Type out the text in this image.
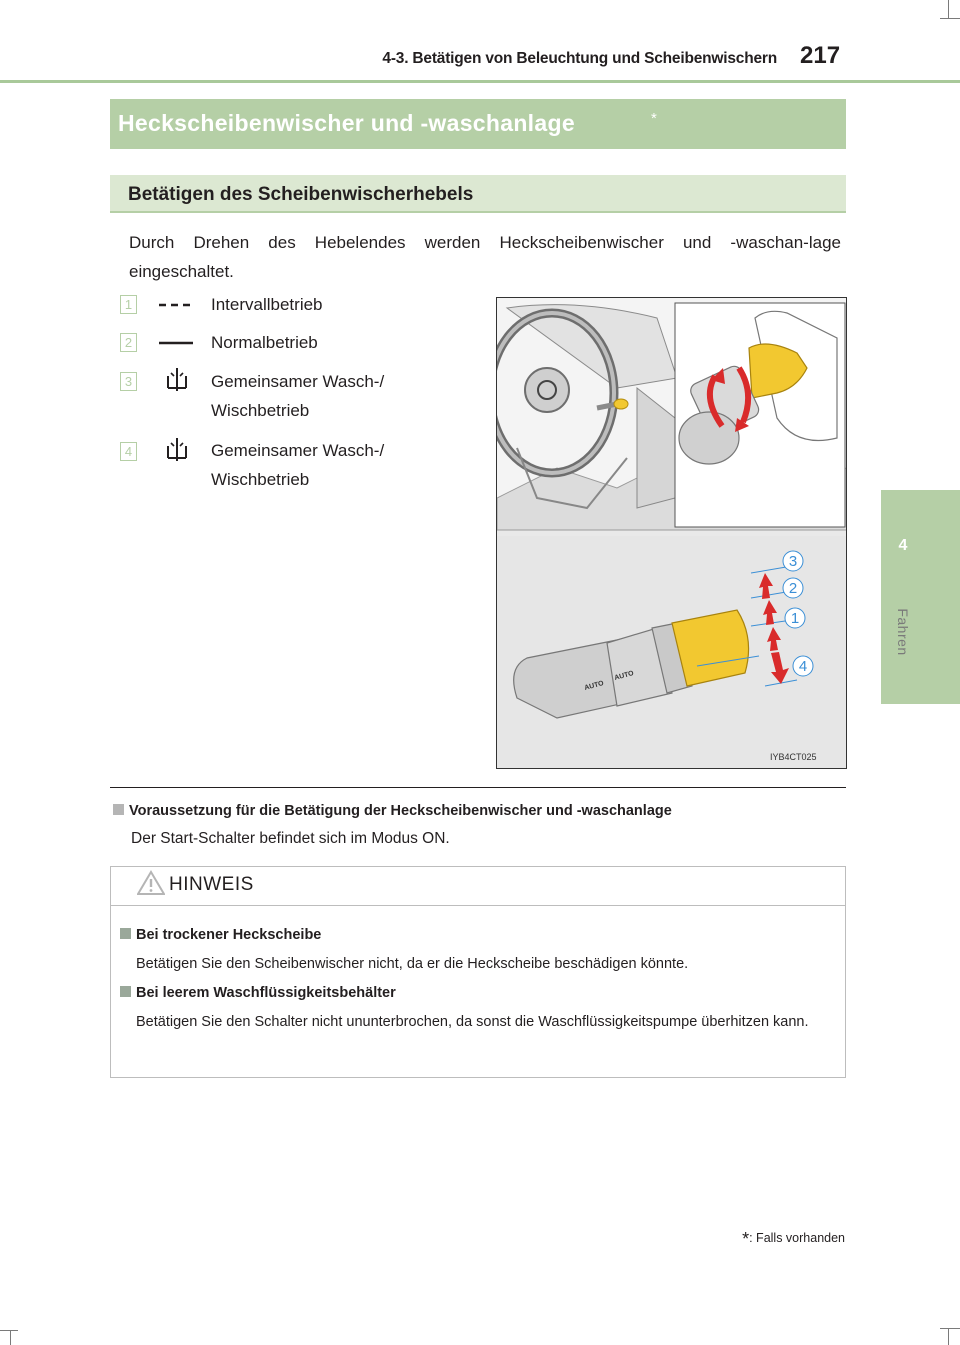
4-3. Betätigen von Beleuchtung und Scheibenwischern 217
4
Fahren
Heckscheibenwischer und -waschanlage	*
Betätigen des Scheibenwischerhebels
Durch Drehen des Hebelendes werden Heckscheibenwischer und -waschan-lage eingeschaltet.
1	Intervallbetrieb
2	Normalbetrieb
3	Gemeinsamer Wasch-/ Wischbetrieb
4	Gemeinsamer Wasch-/ Wischbetrieb
AUTO
AUTO
3
2
1
4
IYB4CT025
Voraussetzung für die Betätigung der Heckscheibenwischer und -waschanlage
Der Start-Schalter befindet sich im Modus ON.
HINWEIS
Bei trockener Heckscheibe
Betätigen Sie den Scheibenwischer nicht, da er die Heckscheibe beschädigen könnte.
Bei leerem Waschflüssigkeitsbehälter
Betätigen Sie den Schalter nicht ununterbrochen, da sonst die Waschflüssigkeitspumpe überhitzen kann.
*: Falls vorhanden
